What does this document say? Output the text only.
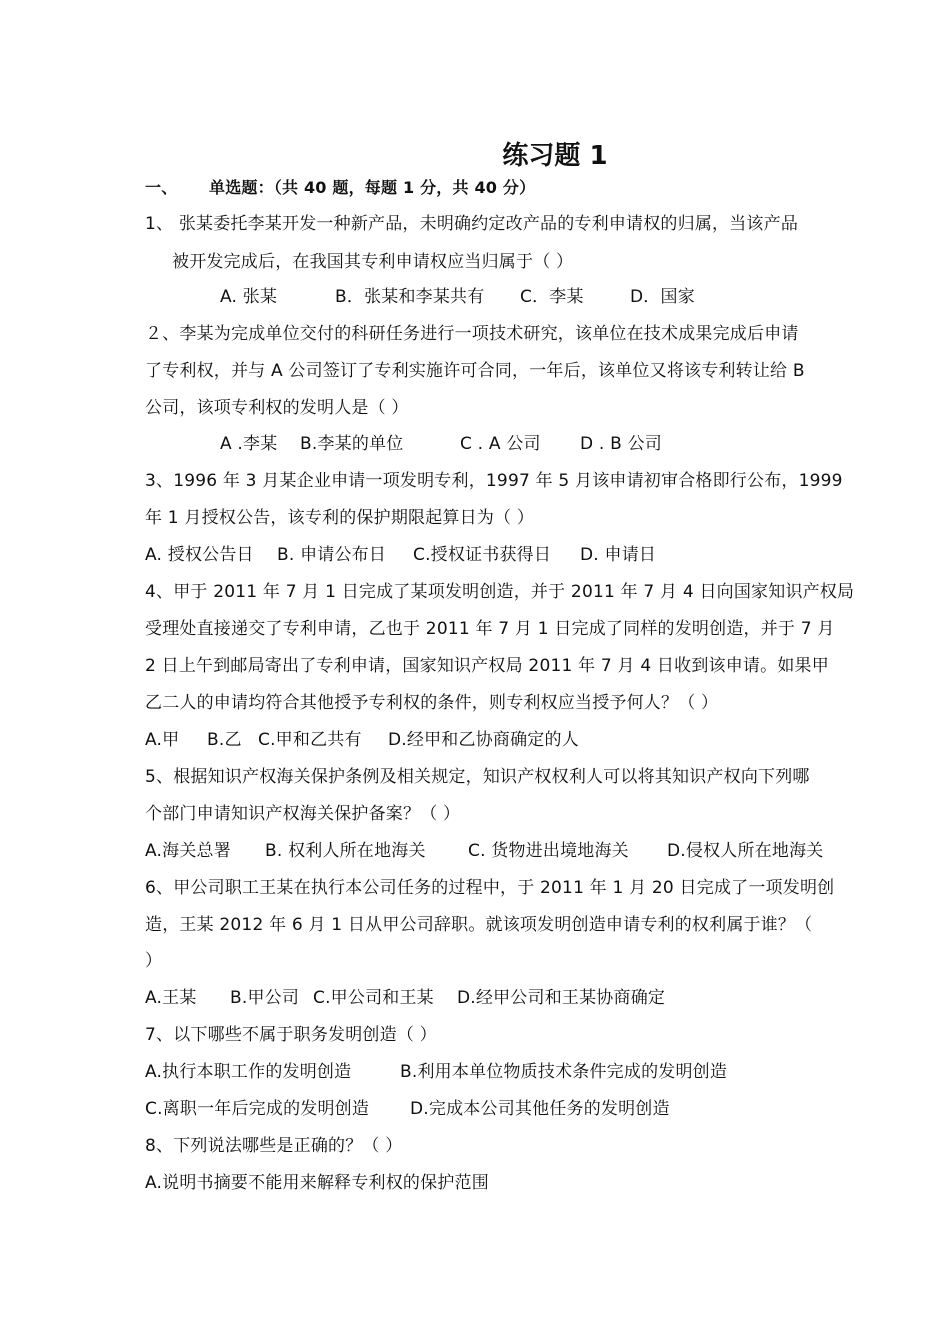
练习题 1
一、 单选题：（共 40 题，每题 1 分，共 40 分）
1、 张某委托李某开发一种新产品，未明确约定改产品的专利申请权的归属，当该产品
被开发完成后，在我国其专利申请权应当归属于（ ）
A. 张某	B．张某和李某共有 C．李某	D．国家
２、李某为完成单位交付的科研任务进行一项技术研究，该单位在技术成果完成后申请
了专利权，并与 A 公司签订了专利实施许可合同，一年后，该单位又将该专利转让给 B
公司，该项专利权的发明人是（ ）
A .李某 B.李某的单位	C . A 公司 D . B 公司
3、1996 年 3 月某企业申请一项发明专利，1997 年 5 月该申请初审合格即行公布，1999
年 1 月授权公告，该专利的保护期限起算日为（ ）
A. 授权公告日 B. 申请公布日 C.授权证书获得日 D. 申请日
4、甲于 2011 年 7 月 1 日完成了某项发明创造，并于 2011 年 7 月 4 日向国家知识产权局
受理处直接递交了专利申请，乙也于 2011 年 7 月 1 日完成了同样的发明创造，并于 7 月
2 日上午到邮局寄出了专利申请，国家知识产权局 2011 年 7 月 4 日收到该申请。如果甲
乙二人的申请均符合其他授予专利权的条件，则专利权应当授予何人？（ ）
A.甲 B.乙 C.甲和乙共有 D.经甲和乙协商确定的人
5、根据知识产权海关保护条例及相关规定，知识产权权利人可以将其知识产权向下列哪
个部门申请知识产权海关保护备案？（ ）
A.海关总署 B. 权利人所在地海关 C. 货物进出境地海关 D.侵权人所在地海关
6、甲公司职工王某在执行本公司任务的过程中，于 2011 年 1 月 20 日完成了一项发明创
造，王某 2012 年 6 月 1 日从甲公司辞职。就该项发明创造申请专利的权利属于谁？（
）
A.王某 B.甲公司 C.甲公司和王某 D.经甲公司和王某协商确定
7、以下哪些不属于职务发明创造（ ）
A.执行本职工作的发明创造	B.利用本单位物质技术条件完成的发明创造
C.离职一年后完成的发明创造 D.完成本公司其他任务的发明创造
8、下列说法哪些是正确的？（ ）
A.说明书摘要不能用来解释专利权的保护范围
